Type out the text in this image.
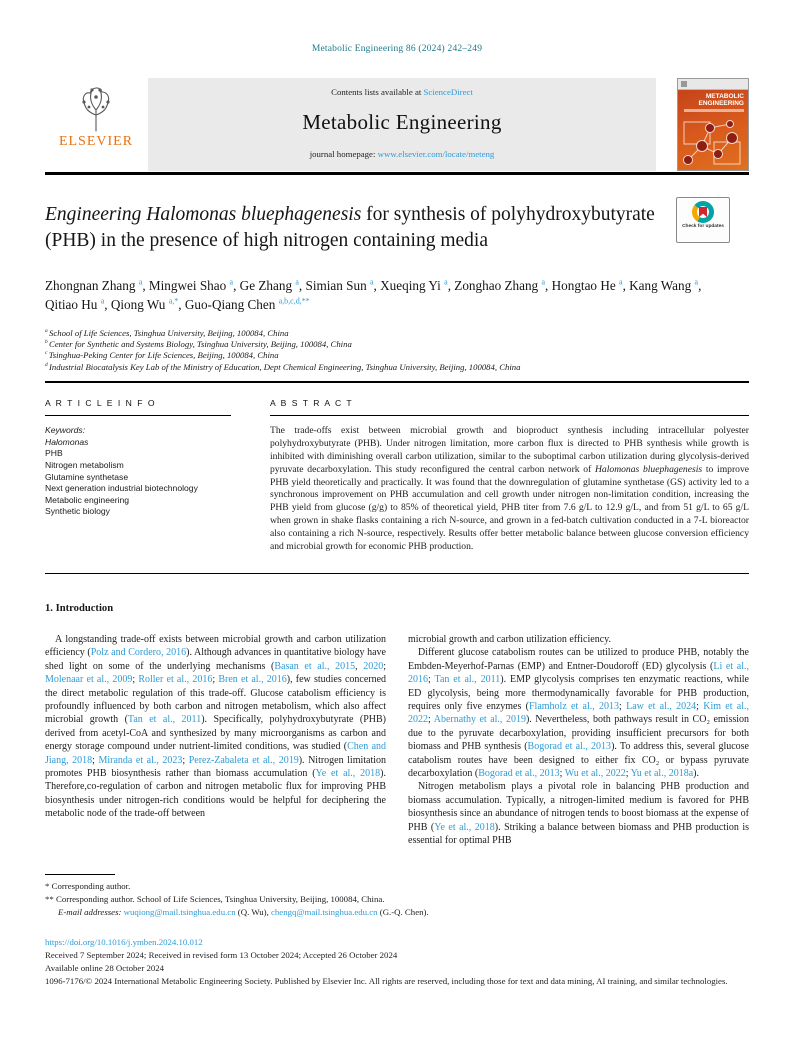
Metabolic Engineering 86 (2024) 242–249
ELSEVIER
Contents lists available at ScienceDirect
Metabolic Engineering
journal homepage: www.elsevier.com/locate/meteng
METABOLIC ENGINEERING
Engineering Halomonas bluephagenesis for synthesis of polyhydroxybutyrate (PHB) in the presence of high nitrogen containing media
Check for updates
Zhongnan Zhang $^a$, Mingwei Shao $^a$, Ge Zhang $^a$, Simian Sun $^a$, Xueqing Yi $^a$, Zonghao Zhang $^a$, Hongtao He $^a$, Kang Wang $^a$, Qitiao Hu $^a$, Qiong Wu $^{a,*}$, Guo-Qiang Chen $^{a,b,c,d,**}$
$^a$ School of Life Sciences, Tsinghua University, Beijing, 100084, China
$^b$ Center for Synthetic and Systems Biology, Tsinghua University, Beijing, 100084, China
$^c$ Tsinghua-Peking Center for Life Sciences, Beijing, 100084, China
$^d$ Industrial Biocatalysis Key Lab of the Ministry of Education, Dept Chemical Engineering, Tsinghua University, Beijing, 100084, China
A R T I C L E I N F O
Keywords:
Halomonas
PHB
Nitrogen metabolism
Glutamine synthetase
Next generation industrial biotechnology
Metabolic engineering
Synthetic biology
A B S T R A C T
The trade-offs exist between microbial growth and bioproduct synthesis including intracellular polyester polyhydroxybutyrate (PHB). Under nitrogen limitation, more carbon flux is directed to PHB synthesis while growth is inhibited with diminishing overall carbon utilization, similar to the suboptimal carbon utilization during glycolysis-derived pyruvate decarboxylation. This study reconfigured the central carbon network of Halomonas bluephagenesis to improve PHB yield theoretically and practically. It was found that the downregulation of glutamine synthetase (GS) activity led to a synchronous improvement on PHB accumulation and cell growth under nitrogen non-limitation condition, increasing the PHB yield from glucose (g/g) to 85% of theoretical yield, PHB titer from 7.6 g/L to 12.9 g/L, and from 51 g/L to 65 g/L when grown in shake flasks containing a rich N-source, and grown in a fed-batch cultivation conducted in a 7-L bioreactor also containing a rich N-source, respectively. Results offer better metabolic balance between glucose conversion efficiency and microbial growth for economic PHB production.
1. Introduction

A longstanding trade-off exists between microbial growth and carbon utilization efficiency (Polz and Cordero, 2016). Although advances in quantitative biology have shed light on some of the underlying mechanisms (Basan et al., 2015, 2020; Molenaar et al., 2009; Roller et al., 2016; Bren et al., 2016), few studies concerned the direct metabolic regulation of this trade-off. Glucose catabolism efficiency is profoundly influenced by both carbon and nitrogen metabolism, which also affect microbial growth (Tan et al., 2011). Specifically, polyhydroxybutyrate (PHB) derived from acetyl-CoA and synthesized by many microorganisms as carbon and energy storage compound under nutrient-limited conditions, was studied (Chen and Jiang, 2018; Miranda et al., 2023; Perez-Zabaleta et al., 2019). Nitrogen limitation promotes PHB biosynthesis rather than biomass accumulation (Ye et al., 2018). Therefore,co-regulation of carbon and nitrogen metabolic flux for improving PHB biosynthesis under nitrogen-rich conditions would be helpful for deciphering the metabolic node of the trade-off between

microbial growth and carbon utilization efficiency.

Different glucose catabolism routes can be utilized to produce PHB, notably the Embden-Meyerhof-Parnas (EMP) and Entner-Doudoroff (ED) glycolysis (Li et al., 2016; Tan et al., 2011). EMP glycolysis comprises ten enzymatic reactions, while ED glycolysis, being more thermodynamically favorable for PHB production, requires only five enzymes (Flamholz et al., 2013; Law et al., 2024; Kim et al., 2022; Abernathy et al., 2019). Nevertheless, both pathways result in CO₂ emission due to the pyruvate decarboxylation, providing insufficient precursors for both biomass and PHB synthesis (Bogorad et al., 2013). To address this, several glucose catabolism routes have been designed to either fix CO₂ or bypass pyruvate decarboxylation (Bogorad et al., 2013; Wu et al., 2022; Yu et al., 2018a).

Nitrogen metabolism plays a pivotal role in balancing PHB production and biomass accumulation. Typically, a nitrogen-limited medium is favored for PHB biosynthesis since an abundance of nitrogen tends to boost biomass at the expense of PHB (Ye et al., 2018). Striking a balance between biomass and PHB production is essential for optimal PHB

* Corresponding author.
** Corresponding author. School of Life Sciences, Tsinghua University, Beijing, 100084, China.
E-mail addresses: wuqiong@mail.tsinghua.edu.cn (Q. Wu), chengq@mail.tsinghua.edu.cn (G.-Q. Chen).
https://doi.org/10.1016/j.ymben.2024.10.012
Received 7 September 2024; Received in revised form 13 October 2024; Accepted 26 October 2024
Available online 28 October 2024
1096-7176/© 2024 International Metabolic Engineering Society. Published by Elsevier Inc. All rights are reserved, including those for text and data mining, AI training, and similar technologies.
